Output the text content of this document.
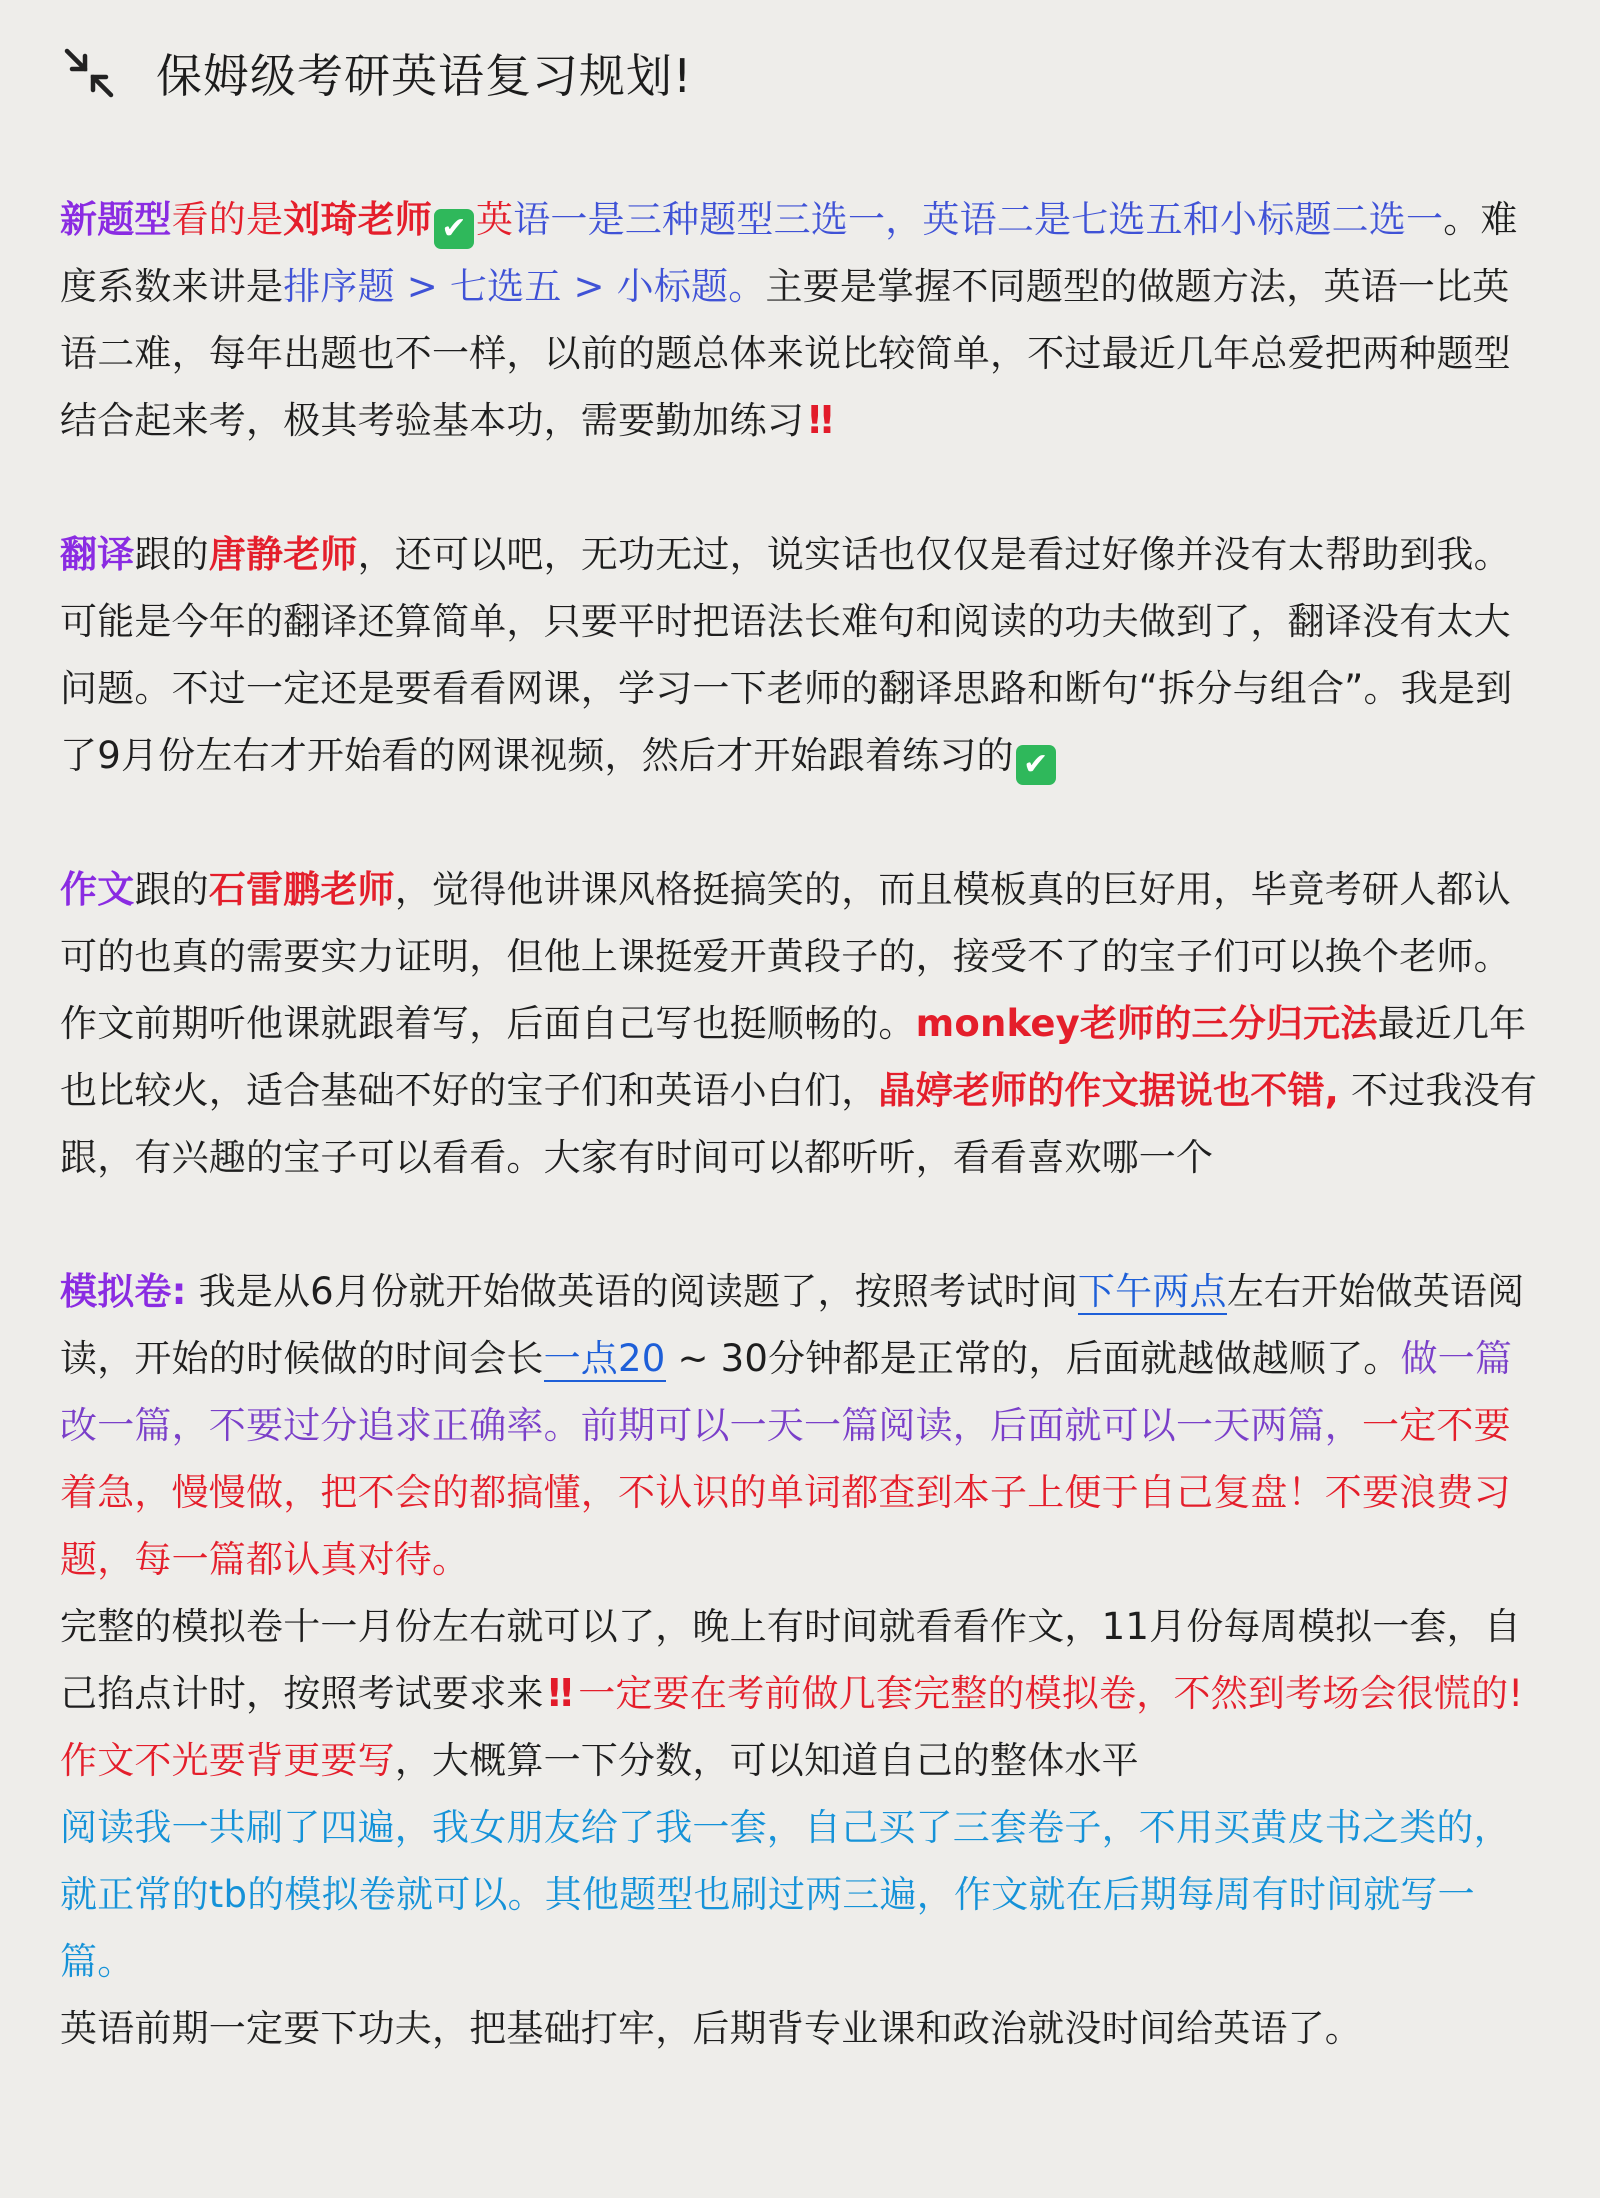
保姆级考研英语复习规划!

新题型看的是刘琦老师 ✔ 英语一是三种题型三选一，英语二是七选五和小标题二选一。难度系数来讲是排序题 > 七选五 > 小标题。主要是掌握不同题型的做题方法，英语一比英语二难，每年出题也不一样，以前的题总体来说比较简单，不过最近几年总爱把两种题型结合起来考，极其考验基本功，需要勤加练习!!

翻译跟的唐静老师，还可以吧，无功无过，说实话也仅仅是看过好像并没有太帮助到我。可能是今年的翻译还算简单，只要平时把语法长难句和阅读的功夫做到了，翻译没有太大问题。不过一定还是要看看网课，学习一下老师的翻译思路和断句“拆分与组合”。我是到了9月份左右才开始看的网课视频，然后才开始跟着练习的 ✔

作文跟的石雷鹏老师，觉得他讲课风格挺搞笑的，而且模板真的巨好用，毕竟考研人都认可的也真的需要实力证明，但他上课挺爱开黄段子的，接受不了的宝子们可以换个老师。作文前期听他课就跟着写，后面自己写也挺顺畅的。monkey老师的三分归元法最近几年也比较火，适合基础不好的宝子们和英语小白们，晶婷老师的作文据说也不错, 不过我没有跟，有兴趣的宝子可以看看。大家有时间可以都听听，看看喜欢哪一个

模拟卷: 我是从6月份就开始做英语的阅读题了，按照考试时间下午两点左右开始做英语阅读，开始的时候做的时间会长一点20 ~ 30分钟都是正常的，后面就越做越顺了。做一篇改一篇，不要过分追求正确率。前期可以一天一篇阅读，后面就可以一天两篇，一定不要着急，慢慢做，把不会的都搞懂，不认识的单词都查到本子上便于自己复盘！不要浪费习题，每一篇都认真对待。

完整的模拟卷十一月份左右就可以了，晚上有时间就看看作文，11月份每周模拟一套，自己掐点计时，按照考试要求来!! 一定要在考前做几套完整的模拟卷，不然到考场会很慌的!

作文不光要背更要写，大概算一下分数，可以知道自己的整体水平

阅读我一共刷了四遍，我女朋友给了我一套，自己买了三套卷子，不用买黄皮书之类的，就正常的tb的模拟卷就可以。其他题型也刷过两三遍，作文就在后期每周有时间就写一篇。

英语前期一定要下功夫，把基础打牢，后期背专业课和政治就没时间给英语了。
